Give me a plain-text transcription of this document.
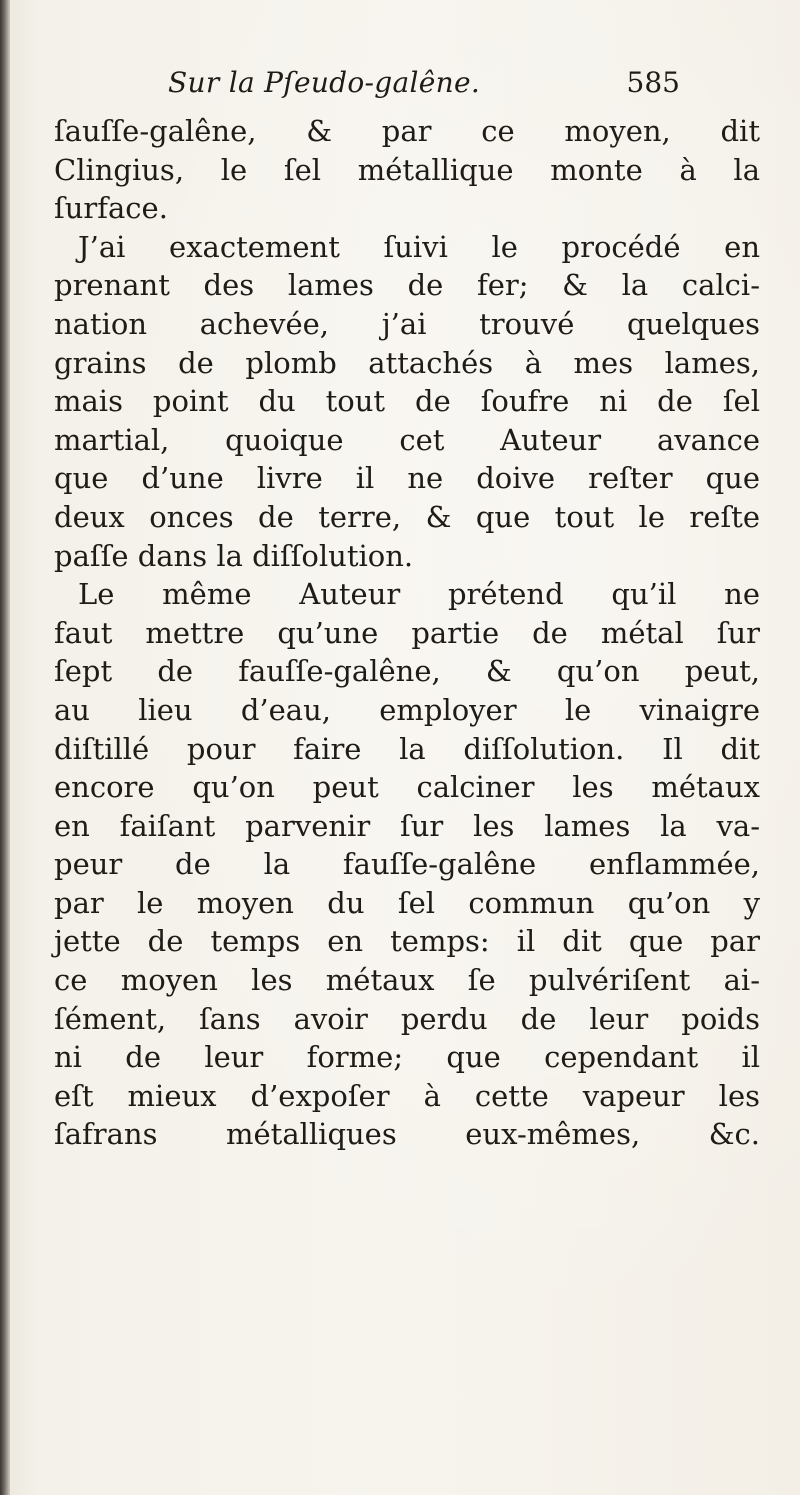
Sur la Pſeudo-galêne.	585
ſauſſe-galêne, & par ce moyen, dit
Clingius, le ſel métallique monte à la
ſurface.
J’ai exactement ſuivi le procédé en
prenant des lames de fer; & la calci-
nation achevée, j’ai trouvé quelques
grains de plomb attachés à mes lames,
mais point du tout de ſoufre ni de ſel
martial, quoique cet Auteur avance
que d’une livre il ne doive reſter que
deux onces de terre, & que tout le reſte
paſſe dans la diſſolution.
Le même Auteur prétend qu’il ne
faut mettre qu’une partie de métal ſur
ſept de fauſſe-galêne, & qu’on peut,
au lieu d’eau, employer le vinaigre
diſtillé pour faire la diſſolution. Il dit
encore qu’on peut calciner les métaux
en faiſant parvenir ſur les lames la va-
peur de la fauſſe-galêne enflammée,
par le moyen du ſel commun qu’on y
jette de temps en temps: il dit que par
ce moyen les métaux ſe pulvériſent ai-
ſément, ſans avoir perdu de leur poids
ni de leur forme; que cependant il
eſt mieux d’expoſer à cette vapeur les
ſafrans métalliques eux-mêmes, &c.
